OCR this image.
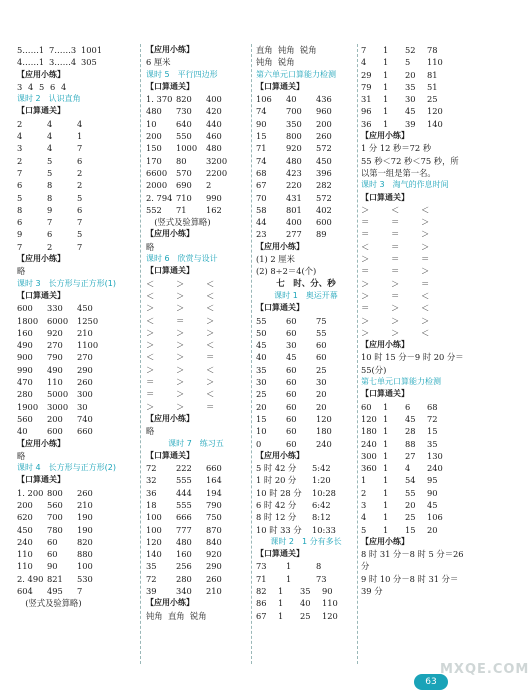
5……1 7……3 1001
4……1 3……4 305
【应用小练】
3 4 5 6 4
课时 2　认识直角
【口算通关】
2	4	4
4	4	1
3	4	7
2	5	6
7	5	2
6	8	2
5	8	5
8	9	6
6	7	7
9	6	5
7	2	7
【应用小练】
略
课时 3　长方形与正方形(1)
【口算通关】
600 330 450
1800 6000 1250
160 920 210
490 270 1100
900 790 270
990 490 290
470 110 260
280 5000 300
1900 3000 30
560 200 740
40 600 660
【应用小练】
略
课时 4　长方形与正方形(2)
【口算通关】
1. 200 800 260
200 560 210
620 700 190
450 780 190
240 60 820
110 60 880
110 90 100
2. 490 821 530
604 495 7
　(竖式及验算略)
【应用小练】
6 厘米
课时 5　平行四边形
【口算通关】
1. 370 820 400
480 730 420
10 640 440
200 550 460
150 1000 480
170 80 3200
6600 570 2200
2000 690 2
2. 794 710 990
552 71 162
　(竖式及验算略)
【应用小练】
略
课时 6　欣赏与设计
【口算通关】
＜	＞	＜
＜	＞	＜
＞	＞	＜
＜	＝	＞
＞	＞	＞
＞	＞	＜
＜	＞	＝
＞	＞	＜
＝	＞	＞
＝	＞	＜
＞	＞	＝
【应用小练】
略
课时 7　练习五
【口算通关】
72 222 660
32 555 164
36 444 194
18 555 790
100 666 750
100 777 870
120 480 840
140 160 920
35 256 290
72 280 260
39 340 210
【应用小练】
钝角 直角 锐角
直角 钝角 锐角
钝角 锐角
第六单元口算能力检测
【口算通关】
106 40 436
74 700 960
90 350 200
15 800 260
71 920 572
74 480 450
68 423 396
67 220 282
70 431 572
58 801 402
44 400 600
23 277 89
【应用小练】
(1) 2 厘米
(2) 8÷2＝4(个)
七　时、分、秒
课时 1　奥运开幕
【口算通关】
55 60 75
50 60 55
45 30 60
40 45 60
35 60 25
30 60 30
25 60 20
20 60 20
15 60 120
10 60 180
0	60 240
【应用小练】
5 时 42 分 5:42
1 时 20 分 1:20
10 时 28 分 10:28
6 时 42 分 6:42
8 时 12 分 8:12
10 时 33 分 10:33
课时 2　1 分有多长
【口算通关】
73 1	8
71 1	73
82 1 35 90
86 1 40 110
67 1 25 120
7 1 52 78
4 1 5 110
29 1 20 81
79 1 35 51
31 1 30 25
96 1 45 120
36 1 39 140
【应用小练】
1 分 12 秒＝72 秒
55 秒＜72 秒＜75 秒，所
以第一组是第一名。
课时 3　淘气的作息时间
【口算通关】
＞	＜	＜
＝	＝	＞
＝	＝	＞
＜	＝	＞
＞	＝	＝
＝	＝	＞
＞	＞	＝
＞	＝	＜
＝	＞	＜
＞	＞	＞
＞	＞	＜
【应用小练】
10 时 15 分－9 时 20 分＝
55(分)
第七单元口算能力检测
【口算通关】
60 1 6 68
120 1 45 72
180 1 28 15
240 1 88 35
300 1 27 130
360 1 4 240
1 1 54 95
2 1 55 90
3 1 20 45
4 1 25 106
5 1 15 20
【应用小练】
8 时 31 分－8 时 5 分＝26
分
9 时 10 分－8 时 31 分＝
39 分
63
MXQE.COM
